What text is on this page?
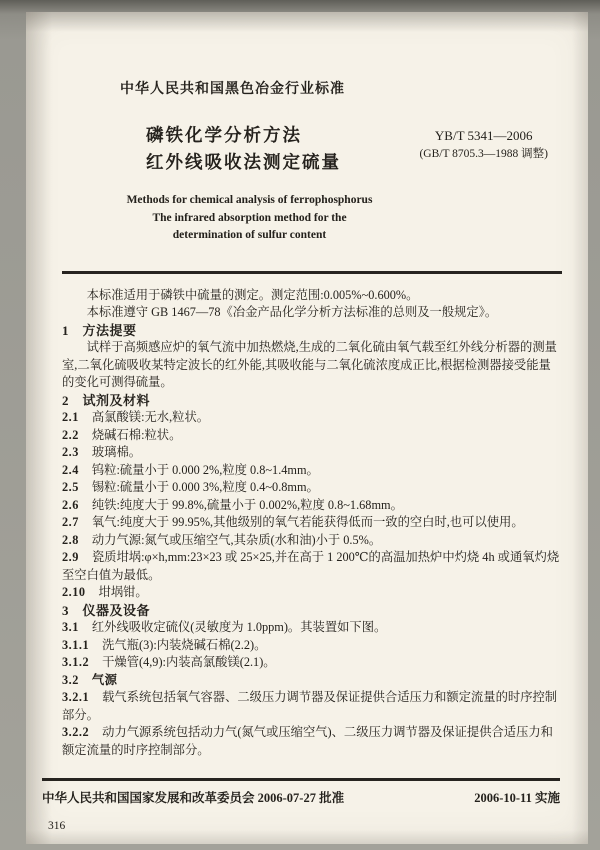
中华人民共和国黑色冶金行业标准
磷铁化学分析方法
红外线吸收法测定硫量
YB/T 5341—2006
(GB/T 8705.3—1988 调整)
Methods for chemical analysis of ferrophosphorus
The infrared absorption method for the
determination of sulfur content

本标准适用于磷铁中硫量的测定。测定范围:0.005%~0.600%。

本标准遵守 GB 1467—78《冶金产品化学分析方法标准的总则及一般规定》。

1　方法提要

试样于高频感应炉的氧气流中加热燃烧,生成的二氧化硫由氧气载至红外线分析器的测量室,二氧化硫吸收某特定波长的红外能,其吸收能与二氧化硫浓度成正比,根据检测器接受能量的变化可测得硫量。

2　试剂及材料

2.1 高氯酸镁:无水,粒状。

2.2 烧碱石棉:粒状。

2.3 玻璃棉。

2.4 钨粒:硫量小于 0.000 2%,粒度 0.8~1.4mm。

2.5 锡粒:硫量小于 0.000 3%,粒度 0.4~0.8mm。

2.6 纯铁:纯度大于 99.8%,硫量小于 0.002%,粒度 0.8~1.68mm。

2.7 氧气:纯度大于 99.95%,其他级别的氧气若能获得低而一致的空白时,也可以使用。

2.8 动力气源:氮气或压缩空气,其杂质(水和油)小于 0.5%。

2.9 瓷质坩埚:φ×h,mm:23×23 或 25×25,并在高于 1 200℃的高温加热炉中灼烧 4h 或通氧灼烧至空白值为最低。

2.10 坩埚钳。

3　仪器及设备

3.1 红外线吸收定硫仪(灵敏度为 1.0ppm)。其装置如下图。

3.1.1 洗气瓶(3):内装烧碱石棉(2.2)。

3.1.2 干燥管(4,9):内装高氯酸镁(2.1)。

3.2 气源

3.2.1 载气系统包括氧气容器、二级压力调节器及保证提供合适压力和额定流量的时序控制部分。

3.2.2 动力气源系统包括动力气(氮气或压缩空气)、二级压力调节器及保证提供合适压力和额定流量的时序控制部分。

中华人民共和国国家发展和改革委员会 2006-07-27 批准	2006-10-11 实施
316
